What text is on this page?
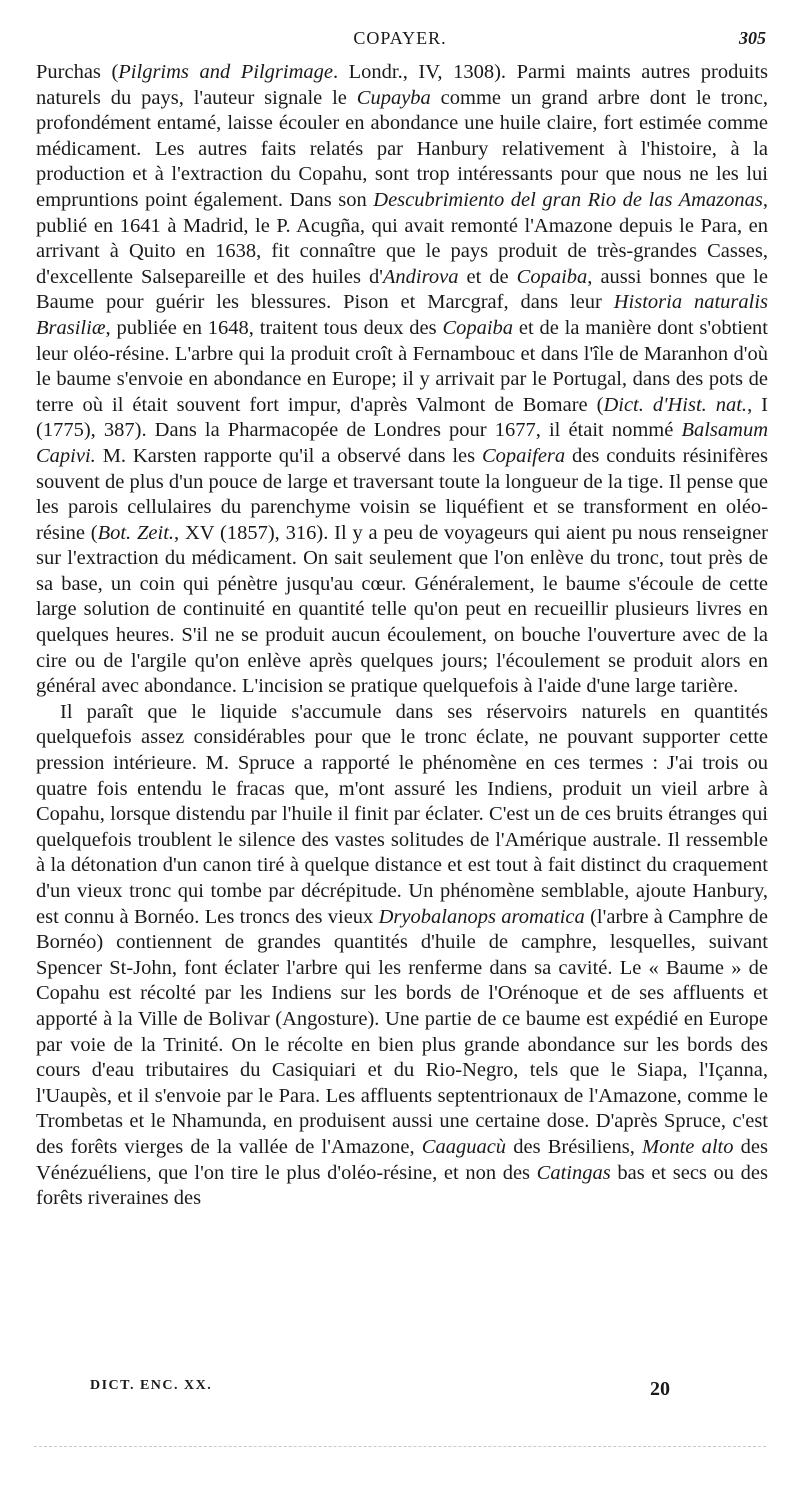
COPAYER.	305

Purchas (Pilgrims and Pilgrimage. Londr., IV, 1308). Parmi maints autres produits naturels du pays, l'auteur signale le Cupayba comme un grand arbre dont le tronc, profondément entamé, laisse écouler en abondance une huile claire, fort estimée comme médicament. Les autres faits relatés par Hanbury relativement à l'histoire, à la production et à l'extraction du Copahu, sont trop intéressants pour que nous ne les lui empruntions point également. Dans son Descubrimiento del gran Rio de las Amazonas, publié en 1641 à Madrid, le P. Acugña, qui avait remonté l'Amazone depuis le Para, en arrivant à Quito en 1638, fit connaître que le pays produit de très-grandes Casses, d'excellente Salsepareille et des huiles d'Andirova et de Copaiba, aussi bonnes que le Baume pour guérir les blessures. Pison et Marcgraf, dans leur Historia naturalis Brasiliæ, publiée en 1648, traitent tous deux des Copaiba et de la manière dont s'obtient leur oléo-résine. L'arbre qui la produit croît à Fernambouc et dans l'île de Maranhon d'où le baume s'envoie en abondance en Europe; il y arrivait par le Portugal, dans des pots de terre où il était souvent fort impur, d'après Valmont de Bomare (Dict. d'Hist. nat., I (1775), 387). Dans la Pharmacopée de Londres pour 1677, il était nommé Balsamum Capivi. M. Karsten rapporte qu'il a observé dans les Copaifera des conduits résinifères souvent de plus d'un pouce de large et traversant toute la longueur de la tige. Il pense que les parois cellulaires du parenchyme voisin se liquéfient et se transforment en oléo-résine (Bot. Zeit., XV (1857), 316). Il y a peu de voyageurs qui aient pu nous renseigner sur l'extraction du médicament. On sait seulement que l'on enlève du tronc, tout près de sa base, un coin qui pénètre jusqu'au cœur. Généralement, le baume s'écoule de cette large solution de continuité en quantité telle qu'on peut en recueillir plusieurs livres en quelques heures. S'il ne se produit aucun écoulement, on bouche l'ouverture avec de la cire ou de l'argile qu'on enlève après quelques jours; l'écoulement se produit alors en général avec abondance. L'incision se pratique quelquefois à l'aide d'une large tarière.

Il paraît que le liquide s'accumule dans ses réservoirs naturels en quantités quelquefois assez considérables pour que le tronc éclate, ne pouvant supporter cette pression intérieure. M. Spruce a rapporté le phénomène en ces termes : J'ai trois ou quatre fois entendu le fracas que, m'ont assuré les Indiens, produit un vieil arbre à Copahu, lorsque distendu par l'huile il finit par éclater. C'est un de ces bruits étranges qui quelquefois troublent le silence des vastes solitudes de l'Amérique australe. Il ressemble à la détonation d'un canon tiré à quelque distance et est tout à fait distinct du craquement d'un vieux tronc qui tombe par décrépitude. Un phénomène semblable, ajoute Hanbury, est connu à Bornéo. Les troncs des vieux Dryobalanops aromatica (l'arbre à Camphre de Bornéo) contiennent de grandes quantités d'huile de camphre, lesquelles, suivant Spencer St-John, font éclater l'arbre qui les renferme dans sa cavité. Le « Baume » de Copahu est récolté par les Indiens sur les bords de l'Orénoque et de ses affluents et apporté à la Ville de Bolivar (Angosture). Une partie de ce baume est expédié en Europe par voie de la Trinité. On le récolte en bien plus grande abondance sur les bords des cours d'eau tributaires du Casiquiari et du Rio-Negro, tels que le Siapa, l'Içanna, l'Uaupès, et il s'envoie par le Para. Les affluents septentrionaux de l'Amazone, comme le Trombetas et le Nhamunda, en produisent aussi une certaine dose. D'après Spruce, c'est des forêts vierges de la vallée de l'Amazone, Caaguacù des Brésiliens, Monte alto des Vénézuéliens, que l'on tire le plus d'oléo-résine, et non des Catingas bas et secs ou des forêts riveraines des

DICT. ENC. XX.	20
